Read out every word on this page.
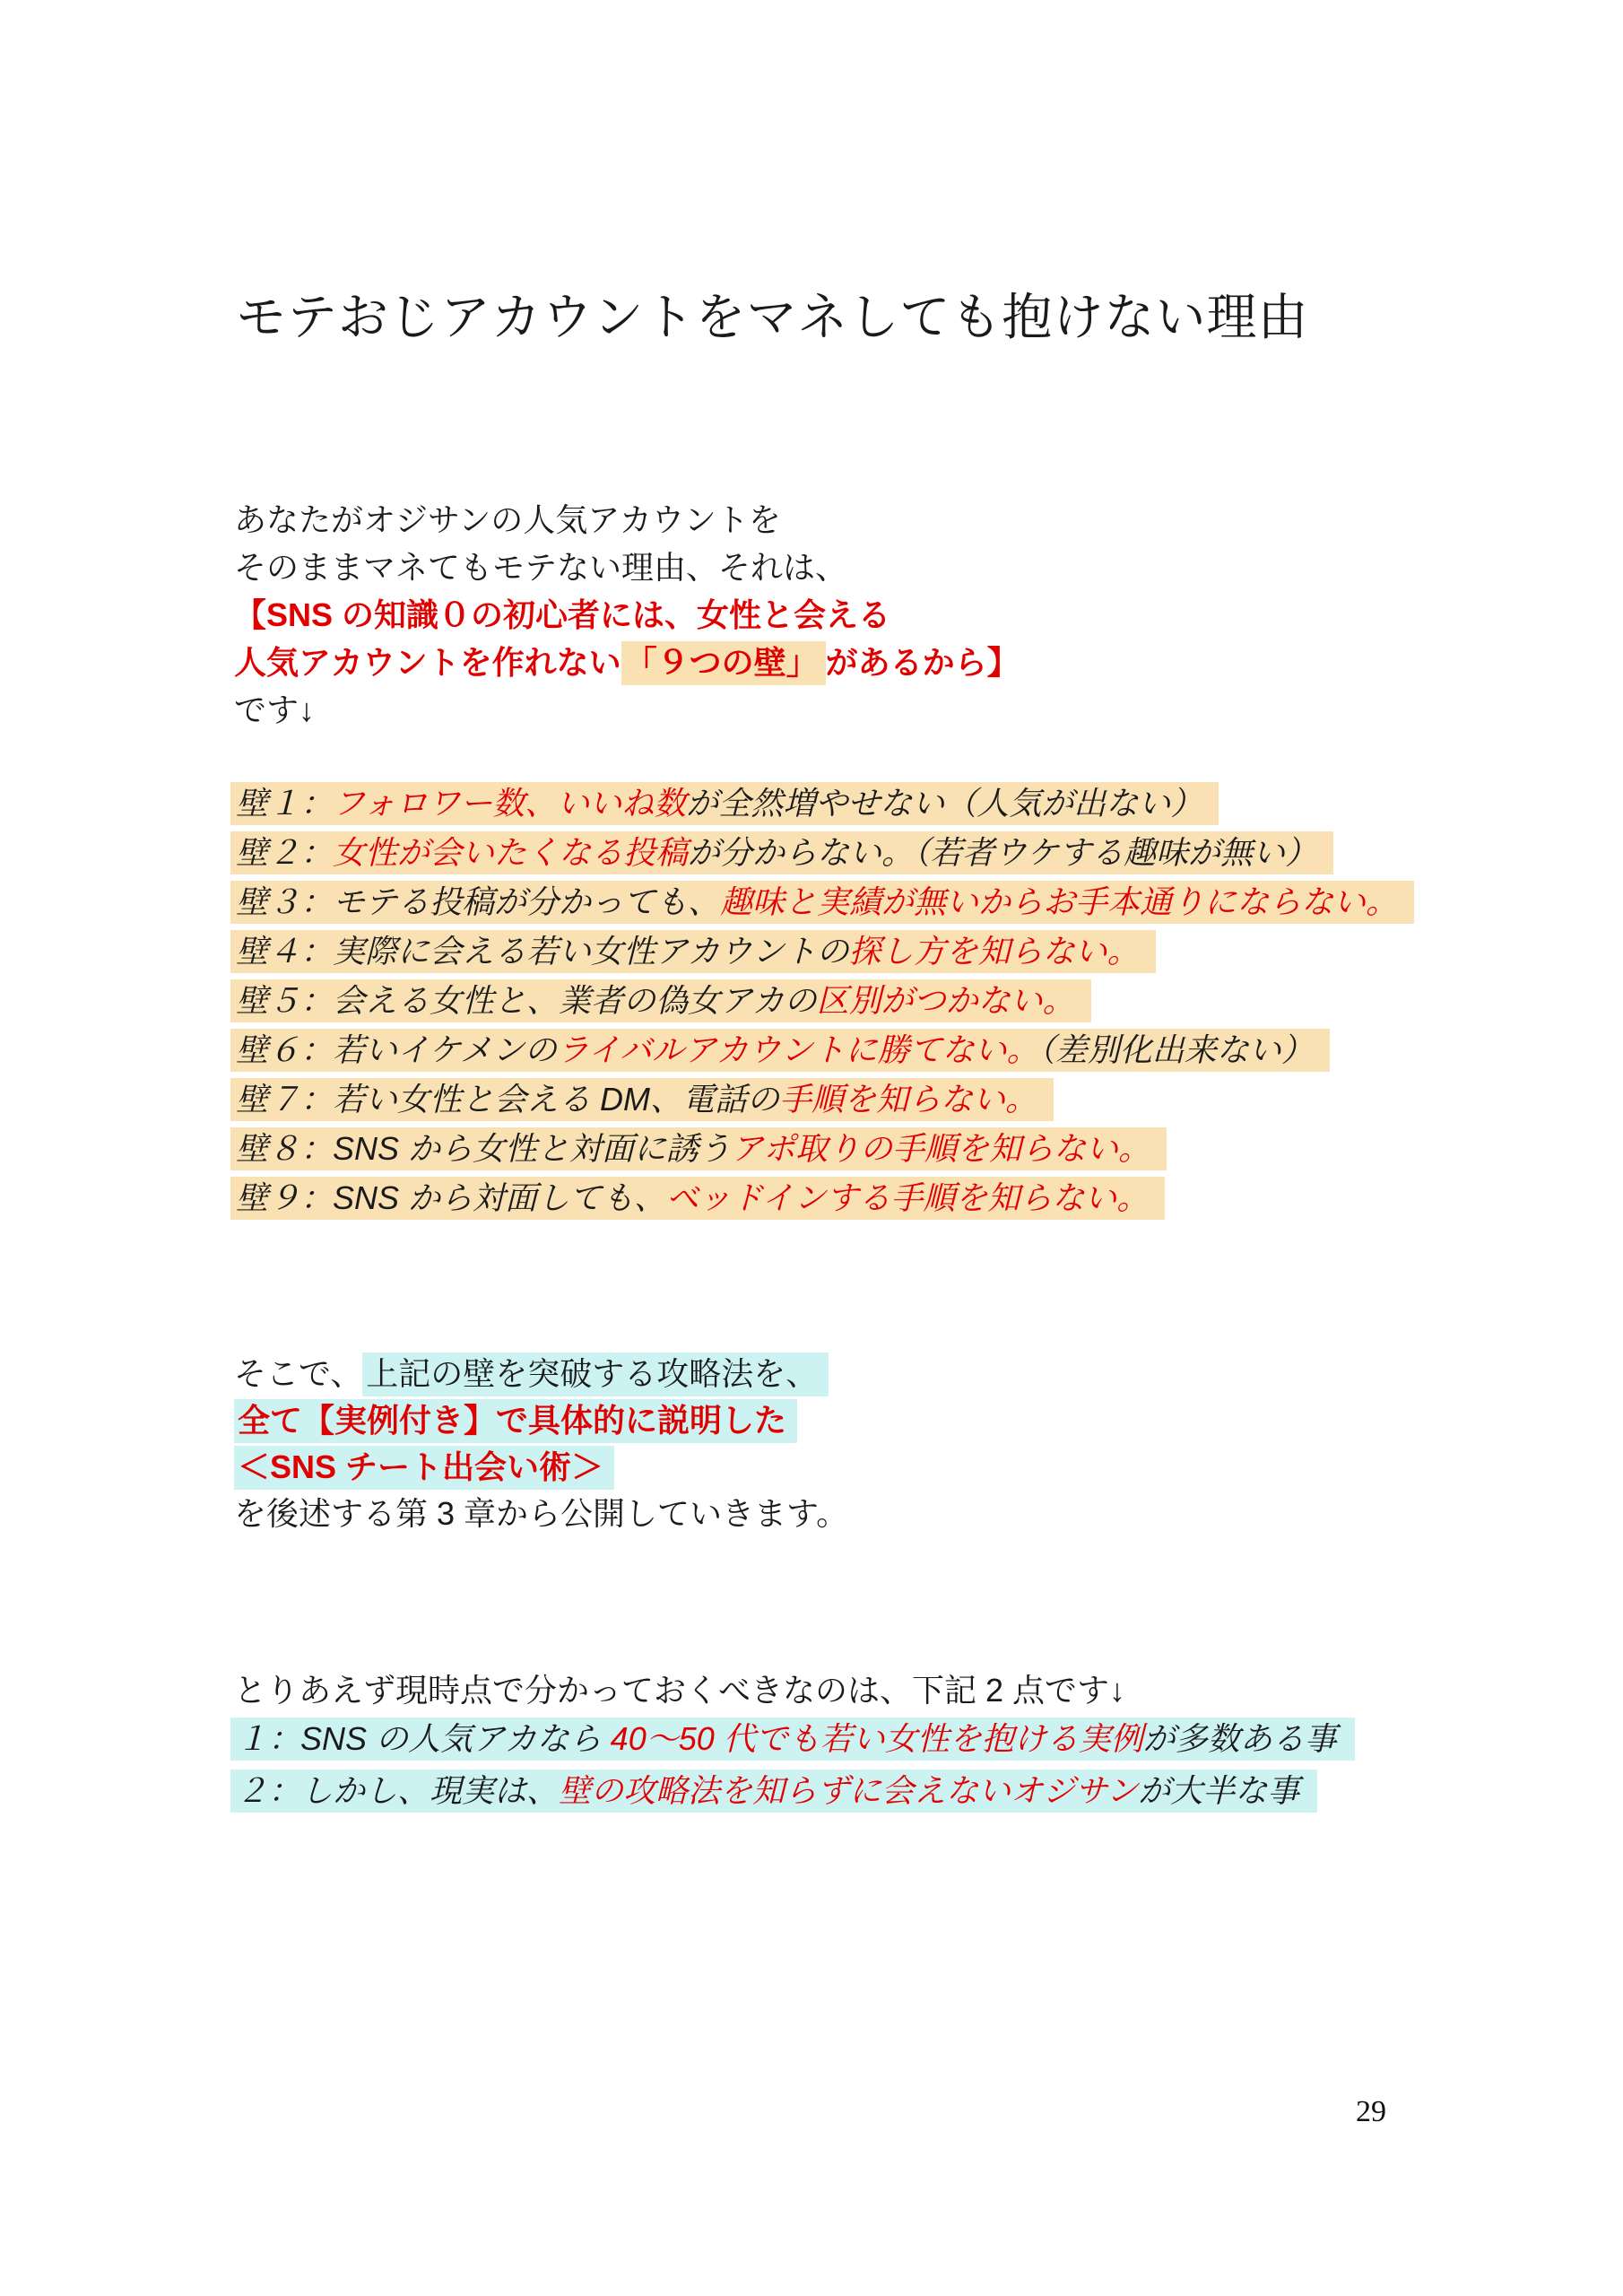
モテおじアカウントをマネしても抱けない理由
あなたがオジサンの人気アカウントを
そのままマネてもモテない理由、それは、
【SNS の知識０の初心者には、女性と会える
人気アカウントを作れない 「９つの壁」 があるから】
です↓
壁１：フォロワー数、いいね数が全然増やせない（人気が出ない）
壁２：女性が会いたくなる投稿が分からない。（若者ウケする趣味が無い）
壁３：モテる投稿が分かっても、趣味と実績が無いからお手本通りにならない。
壁４：実際に会える若い女性アカウントの探し方を知らない。
壁５：会える女性と、業者の偽女アカの区別がつかない。
壁６：若いイケメンのライバルアカウントに勝てない。（差別化出来ない）
壁７：若い女性と会える DM、電話の手順を知らない。
壁８：SNS から女性と対面に誘うアポ取りの手順を知らない。
壁９：SNS から対面しても、ベッドインする手順を知らない。
そこで、 上記の壁を突破する攻略法を、
全て【実例付き】で具体的に説明した
＜SNS チート出会い術＞
を後述する第 3 章から公開していきます。
とりあえず現時点で分かっておくべきなのは、下記 2 点です↓
１：SNS の人気アカなら 40～50 代でも若い女性を抱ける実例が多数ある事
２：しかし、現実は、壁の攻略法を知らずに会えないオジサンが大半な事
29
